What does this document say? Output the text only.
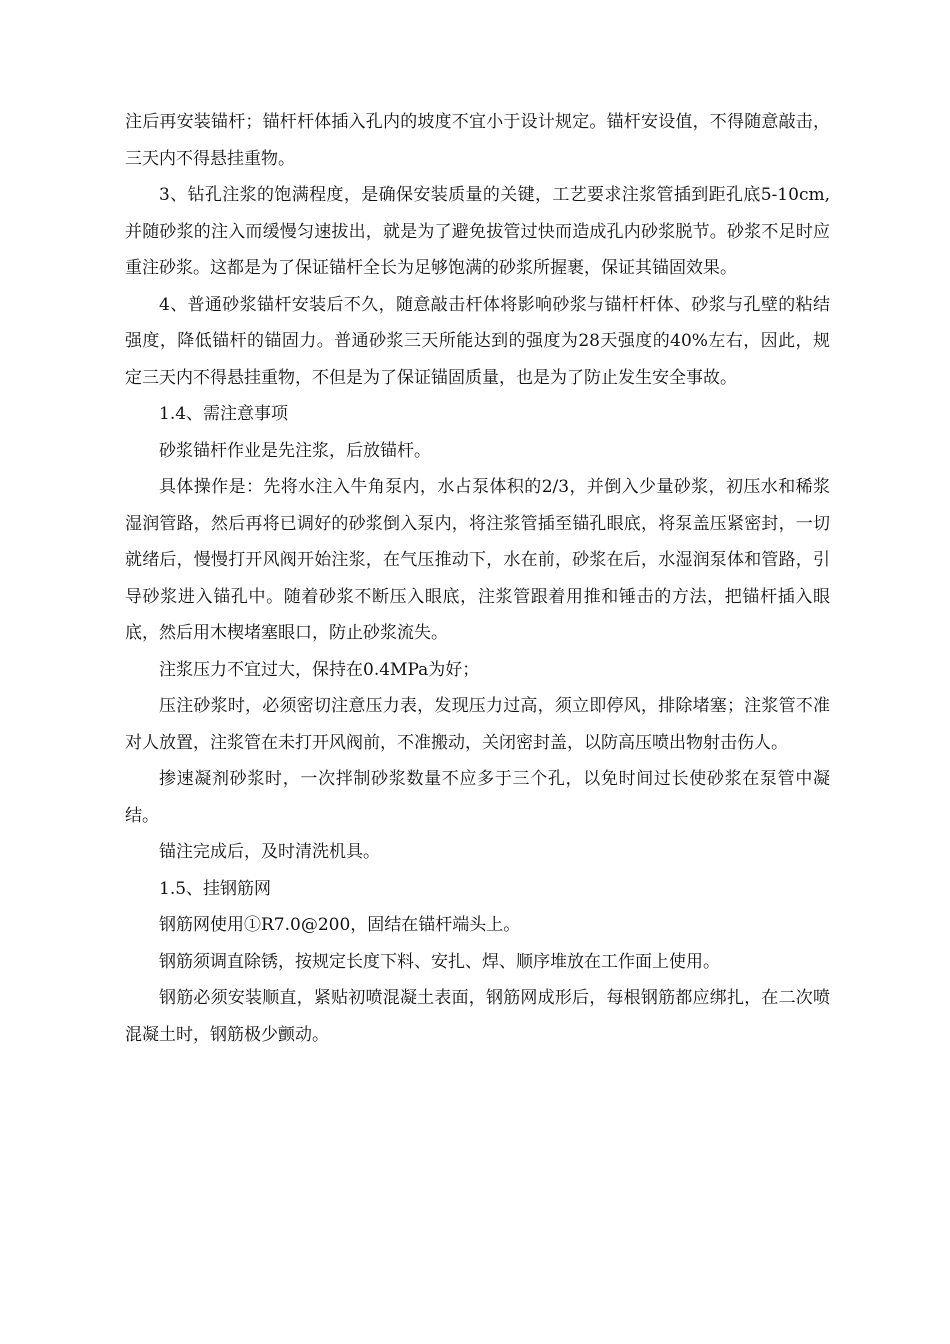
注后再安装锚杆；锚杆杆体插入孔内的坡度不宜小于设计规定。锚杆安设值，不得随意敲击，三天内不得悬挂重物。

3、钻孔注浆的饱满程度，是确保安装质量的关键，工艺要求注浆管插到距孔底5-10cm,并随砂浆的注入而缓慢匀速拔出，就是为了避免拔管过快而造成孔内砂浆脱节。砂浆不足时应重注砂浆。这都是为了保证锚杆全长为足够饱满的砂浆所握裹，保证其锚固效果。

4、普通砂浆锚杆安装后不久，随意敲击杆体将影响砂浆与锚杆杆体、砂浆与孔壁的粘结强度，降低锚杆的锚固力。普通砂浆三天所能达到的强度为28天强度的40%左右，因此，规定三天内不得悬挂重物，不但是为了保证锚固质量，也是为了防止发生安全事故。

1.4、需注意事项

砂浆锚杆作业是先注浆，后放锚杆。

具体操作是：先将水注入牛角泵内，水占泵体积的2/3，并倒入少量砂浆，初压水和稀浆湿润管路，然后再将已调好的砂浆倒入泵内，将注浆管插至锚孔眼底，将泵盖压紧密封，一切就绪后，慢慢打开风阀开始注浆，在气压推动下，水在前，砂浆在后，水湿润泵体和管路，引导砂浆进入锚孔中。随着砂浆不断压入眼底，注浆管跟着用推和锤击的方法，把锚杆插入眼底，然后用木楔堵塞眼口，防止砂浆流失。

注浆压力不宜过大，保持在0.4MPa为好；

压注砂浆时，必须密切注意压力表，发现压力过高，须立即停风，排除堵塞；注浆管不准对人放置，注浆管在未打开风阀前，不准搬动，关闭密封盖，以防高压喷出物射击伤人。

掺速凝剂砂浆时，一次拌制砂浆数量不应多于三个孔，以免时间过长使砂浆在泵管中凝结。

锚注完成后，及时清洗机具。

1.5、挂钢筋网

钢筋网使用①R7.0@200，固结在锚杆端头上。

钢筋须调直除锈，按规定长度下料、安扎、焊、顺序堆放在工作面上使用。

钢筋必须安装顺直，紧贴初喷混凝土表面，钢筋网成形后，每根钢筋都应绑扎，在二次喷混凝土时，钢筋极少颤动。
